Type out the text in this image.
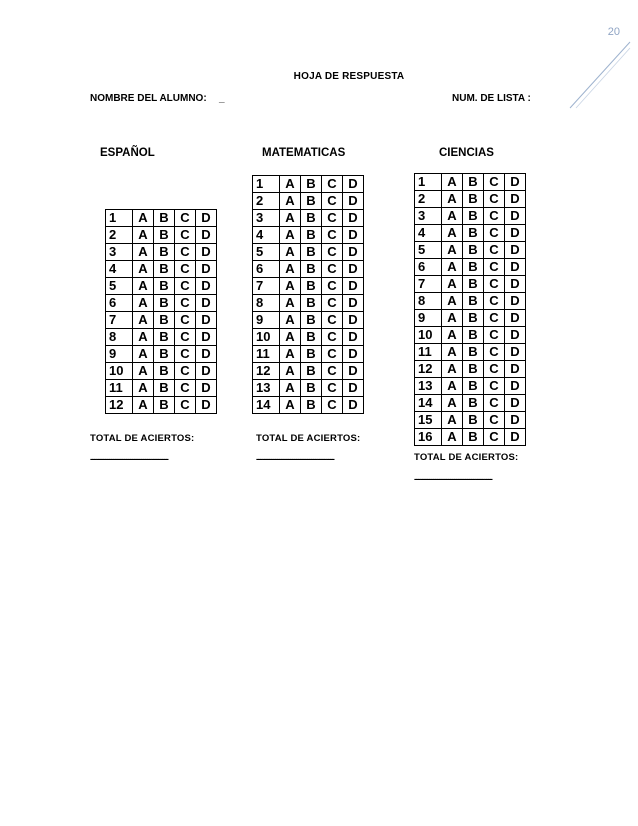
20
HOJA DE RESPUESTA
NOMBRE DEL ALUMNO: _	NUM. DE LISTA :
ESPAÑOL	MATEMATICAS	CIENCIAS
1	A	B	C	D
2	A	B	C	D
3	A	B	C	D
4	A	B	C	D
5	A	B	C	D
6	A	B	C	D
7	A	B	C	D
8	A	B	C	D
9	A	B	C	D
10	A	B	C	D
11	A	B	C	D
12	A	B	C	D
1	A	B	C	D
2	A	B	C	D
3	A	B	C	D
4	A	B	C	D
5	A	B	C	D
6	A	B	C	D
7	A	B	C	D
8	A	B	C	D
9	A	B	C	D
10	A	B	C	D
11	A	B	C	D
12	A	B	C	D
13	A	B	C	D
14	A	B	C	D
1	A	B	C	D
2	A	B	C	D
3	A	B	C	D
4	A	B	C	D
5	A	B	C	D
6	A	B	C	D
7	A	B	C	D
8	A	B	C	D
9	A	B	C	D
10	A	B	C	D
11	A	B	C	D
12	A	B	C	D
13	A	B	C	D
14	A	B	C	D
15	A	B	C	D
16	A	B	C	D
TOTAL DE ACIERTOS:
-----------------------------------------
TOTAL DE ACIERTOS:
-----------------------------------------	TOTAL DE ACIERTOS:
-----------------------------------------
